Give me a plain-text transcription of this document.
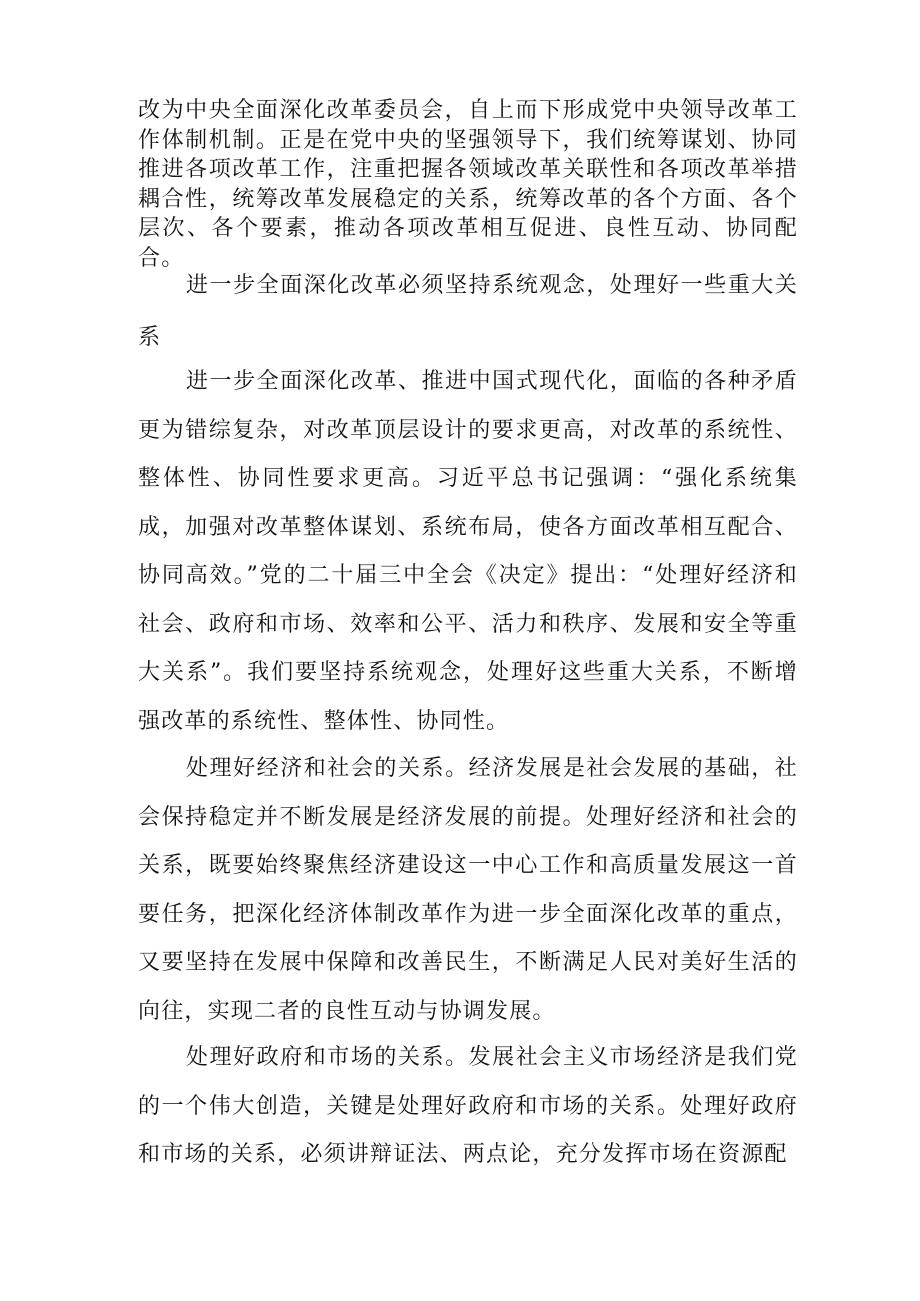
改为中央全面深化改革委员会，自上而下形成党中央领导改革工作体制机制。正是在党中央的坚强领导下，我们统筹谋划、协同推进各项改革工作，注重把握各领域改革关联性和各项改革举措耦合性，统筹改革发展稳定的关系，统筹改革的各个方面、各个层次、各个要素，推动各项改革相互促进、良性互动、协同配合。

进一步全面深化改革必须坚持系统观念，处理好一些重大关系

进一步全面深化改革、推进中国式现代化，面临的各种矛盾更为错综复杂，对改革顶层设计的要求更高，对改革的系统性、整体性、协同性要求更高。习近平总书记强调：“强化系统集成，加强对改革整体谋划、系统布局，使各方面改革相互配合、协同高效。”党的二十届三中全会《决定》提出：“处理好经济和社会、政府和市场、效率和公平、活力和秩序、发展和安全等重大关系”。我们要坚持系统观念，处理好这些重大关系，不断增强改革的系统性、整体性、协同性。

处理好经济和社会的关系。经济发展是社会发展的基础，社会保持稳定并不断发展是经济发展的前提。处理好经济和社会的关系，既要始终聚焦经济建设这一中心工作和高质量发展这一首要任务，把深化经济体制改革作为进一步全面深化改革的重点，又要坚持在发展中保障和改善民生，不断满足人民对美好生活的向往，实现二者的良性互动与协调发展。

处理好政府和市场的关系。发展社会主义市场经济是我们党的一个伟大创造，关键是处理好政府和市场的关系。处理好政府和市场的关系，必须讲辩证法、两点论，充分发挥市场在资源配
